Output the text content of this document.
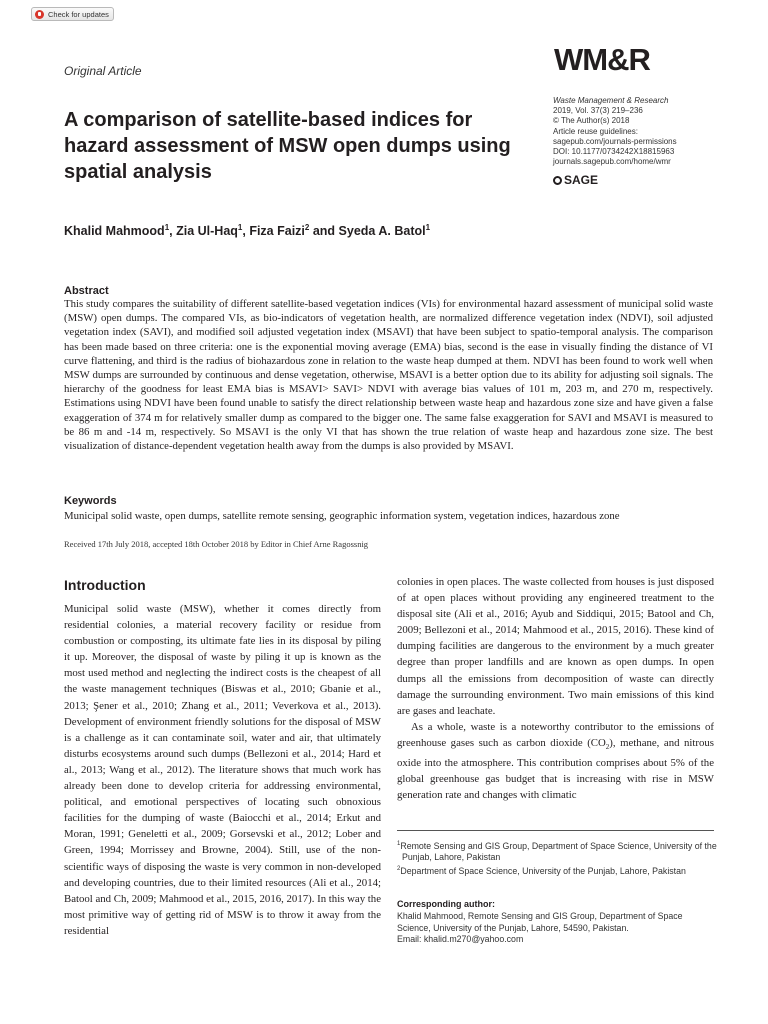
Check for updates
Original Article	WM&R
Waste Management & Research
2019, Vol. 37(3) 219–236
© The Author(s) 2018
Article reuse guidelines:
sagepub.com/journals-permissions
DOI: 10.1177/0734242X18815963
journals.sagepub.com/home/wmr
SAGE
A comparison of satellite-based indices for hazard assessment of MSW open dumps using spatial analysis
Khalid Mahmood$^1$, Zia Ul-Haq$^1$, Fiza Faizi$^2$ and Syeda A. Batol$^1$
Abstract
This study compares the suitability of different satellite-based vegetation indices (VIs) for environmental hazard assessment of municipal solid waste (MSW) open dumps. The compared VIs, as bio-indicators of vegetation health, are normalized difference vegetation index (NDVI), soil adjusted vegetation index (SAVI), and modified soil adjusted vegetation index (MSAVI) that have been subject to spatio-temporal analysis. The comparison has been made based on three criteria: one is the exponential moving average (EMA) bias, second is the ease in visually finding the distance of VI curve flattening, and third is the radius of biohazardous zone in relation to the waste heap dumped at them. NDVI has been found to work well when MSW dumps are surrounded by continuous and dense vegetation, otherwise, MSAVI is a better option due to its ability for adjusting soil signals. The hierarchy of the goodness for least EMA bias is MSAVI> SAVI> NDVI with average bias values of 101 m, 203 m, and 270 m, respectively. Estimations using NDVI have been found unable to satisfy the direct relationship between waste heap and hazardous zone size and have given a false exaggeration of 374 m for relatively smaller dump as compared to the bigger one. The same false exaggeration for SAVI and MSAVI is measured to be 86 m and -14 m, respectively. So MSAVI is the only VI that has shown the true relation of waste heap and hazardous zone size. The best visualization of distance-dependent vegetation health away from the dumps is also provided by MSAVI.
Keywords
Municipal solid waste, open dumps, satellite remote sensing, geographic information system, vegetation indices, hazardous zone
Received 17th July 2018, accepted 18th October 2018 by Editor in Chief Arne Ragossnig
Introduction
Municipal solid waste (MSW), whether it comes directly from residential colonies, a material recovery facility or residue from combustion or composting, its ultimate fate lies in its disposal by piling it up. Moreover, the disposal of waste by piling it up is known as the most used method and neglecting the indirect costs is the cheapest of all the waste management techniques (Biswas et al., 2010; Gbanie et al., 2013; Şener et al., 2010; Zhang et al., 2011; Veverkova et al., 2013). Development of environment friendly solutions for the disposal of MSW is a challenge as it can contaminate soil, water and air, that ultimately disturbs ecosystems around such dumps (Bellezoni et al., 2014; Hard et al., 2013; Wang et al., 2012). The literature shows that much work has already been done to develop criteria for addressing environmental, political, and emotional perspectives of locating such obnoxious facilities for the dumping of waste (Baiocchi et al., 2014; Erkut and Moran, 1991; Geneletti et al., 2009; Gorsevski et al., 2012; Lober and Green, 1994; Morrissey and Browne, 2004). Still, use of the non-scientific ways of disposing the waste is very common in non-developed and developing countries, due to their limited resources (Ali et al., 2014; Batool and Ch, 2009; Mahmood et al., 2015, 2016, 2017). In this way the most primitive way of getting rid of MSW is to throw it away from the residential

colonies in open places. The waste collected from houses is just disposed of at open places without providing any engineered treatment to the disposal site (Ali et al., 2016; Ayub and Siddiqui, 2015; Batool and Ch, 2009; Bellezoni et al., 2014; Mahmood et al., 2015, 2016). These kind of dumping facilities are dangerous to the environment by a much greater degree than proper landfills and are known as open dumps. In open dumps all the emissions from decomposition of waste can directly damage the surrounding environment. Two main emissions of this kind are gases and leachate.

As a whole, waste is a noteworthy contributor to the emissions of greenhouse gases such as carbon dioxide $(CO_2)$, methane, and nitrous oxide into the atmosphere. This contribution comprises about 5% of the global greenhouse gas budget that is increasing with rise in MSW generation rate and changes with climatic

$^1$Remote Sensing and GIS Group, Department of Space Science, University of the Punjab, Lahore, Pakistan
$^2$Department of Space Science, University of the Punjab, Lahore, Pakistan
Corresponding author:
Khalid Mahmood, Remote Sensing and GIS Group, Department of Space Science, University of the Punjab, Lahore, 54590, Pakistan.
Email: khalid.m270@yahoo.com
